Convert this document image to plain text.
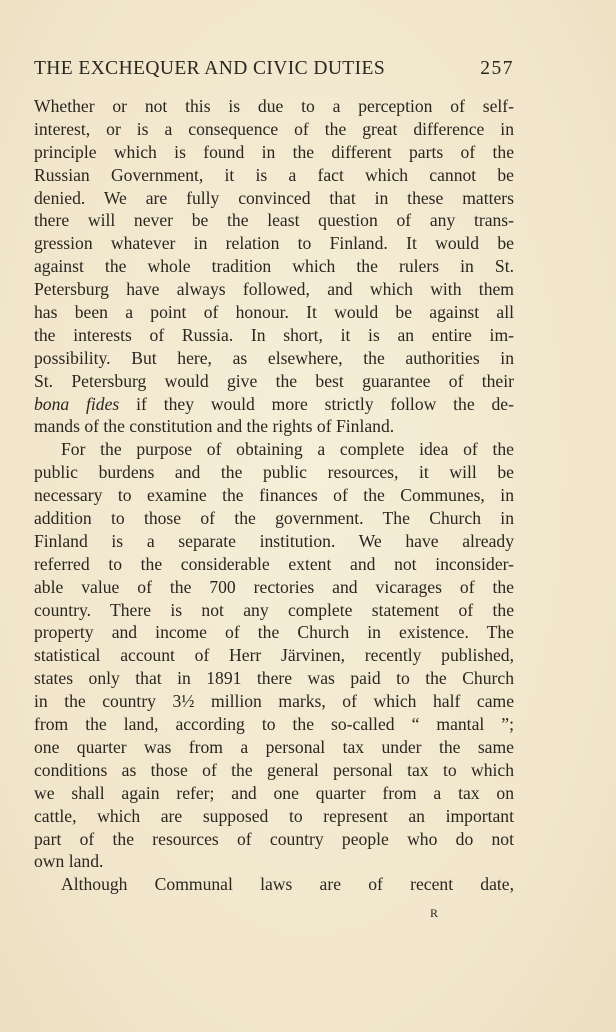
THE EXCHEQUER AND CIVIC DUTIES	257
Whether or not this is due to a perception of self-
interest, or is a consequence of the great difference in
principle which is found in the different parts of the
Russian Government, it is a fact which cannot be
denied. We are fully convinced that in these matters
there will never be the least question of any trans-
gression whatever in relation to Finland. It would be
against the whole tradition which the rulers in St.
Petersburg have always followed, and which with them
has been a point of honour. It would be against all
the interests of Russia. In short, it is an entire im-
possibility. But here, as elsewhere, the authorities in
St. Petersburg would give the best guarantee of their
bona fides if they would more strictly follow the de-
mands of the constitution and the rights of Finland.
For the purpose of obtaining a complete idea of the
public burdens and the public resources, it will be
necessary to examine the finances of the Communes, in
addition to those of the government. The Church in
Finland is a separate institution. We have already
referred to the considerable extent and not inconsider-
able value of the 700 rectories and vicarages of the
country. There is not any complete statement of the
property and income of the Church in existence. The
statistical account of Herr Järvinen, recently published,
states only that in 1891 there was paid to the Church
in the country 3½ million marks, of which half came
from the land, according to the so-called “ mantal ”;
one quarter was from a personal tax under the same
conditions as those of the general personal tax to which
we shall again refer; and one quarter from a tax on
cattle, which are supposed to represent an important
part of the resources of country people who do not
own land.
Although Communal laws are of recent date,
R
